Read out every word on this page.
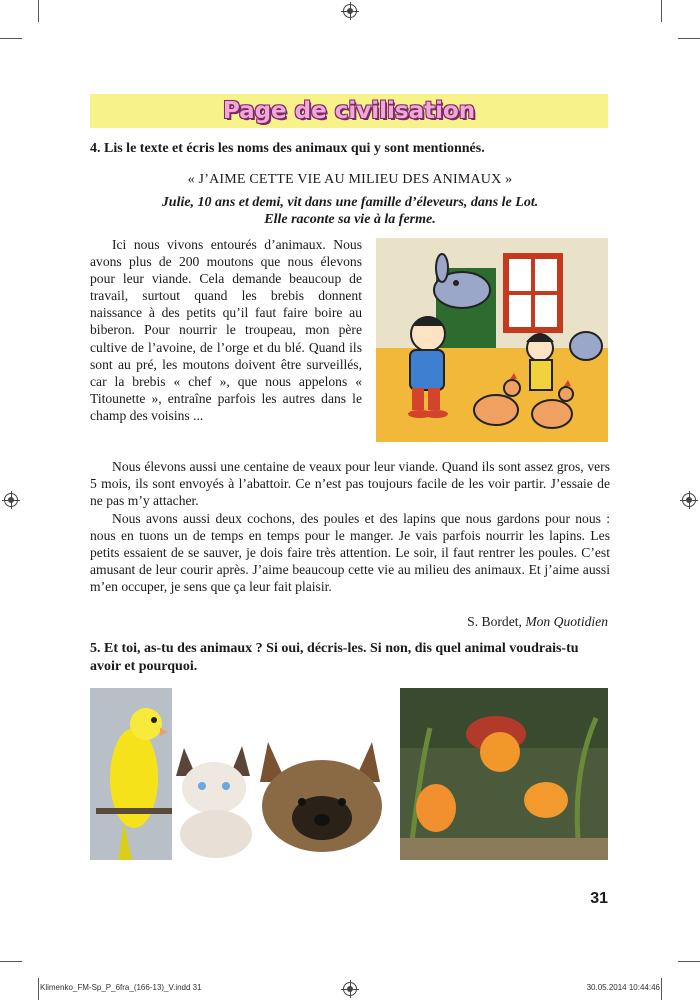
Page de civilisation
4. Lis le texte et écris les noms des animaux qui y sont mentionnés.
« J’AIME CETTE VIE AU MILIEU DES ANIMAUX »
Julie, 10 ans et demi, vit dans une famille d’éleveurs, dans le Lot.
Elle raconte sa vie à la ferme.
Ici nous vivons entourés d’animaux. Nous avons plus de 200 moutons que nous élevons pour leur viande. Cela demande beaucoup de travail, surtout quand les brebis donnent naissance à des petits qu’il faut faire boire au biberon. Pour nourrir le troupeau, mon père cultive de l’avoine, de l’orge et du blé. Quand ils sont au pré, les moutons doivent être surveillés, car la brebis « chef », que nous appelons « Titounette », entraîne parfois les autres dans le champ des voisins ...
Nous élevons aussi une centaine de veaux pour leur viande. Quand ils sont assez gros, vers 5 mois, ils sont envoyés à l’abattoir. Ce n’est pas toujours facile de les voir partir. J’essaie de ne pas m’y attacher.
Nous avons aussi deux cochons, des poules et des lapins que nous gardons pour nous : nous en tuons un de temps en temps pour le manger. Je vais parfois nourrir les lapins. Les petits essaient de se sauver, je dois faire très attention. Le soir, il faut rentrer les poules. C’est amusant de leur courir après. J’aime beaucoup cette vie au milieu des animaux. Et j’aime aussi m’en occuper, je sens que ça leur fait plaisir.
S. Bordet, Mon Quotidien
5. Et toi, as-tu des animaux ? Si oui, décris-les. Si non, dis quel animal voudrais-tu avoir et pourquoi.
31
Klimenko_FM-Sp_P_6fra_(166-13)_V.indd 31	30.05.2014 10:44:46
